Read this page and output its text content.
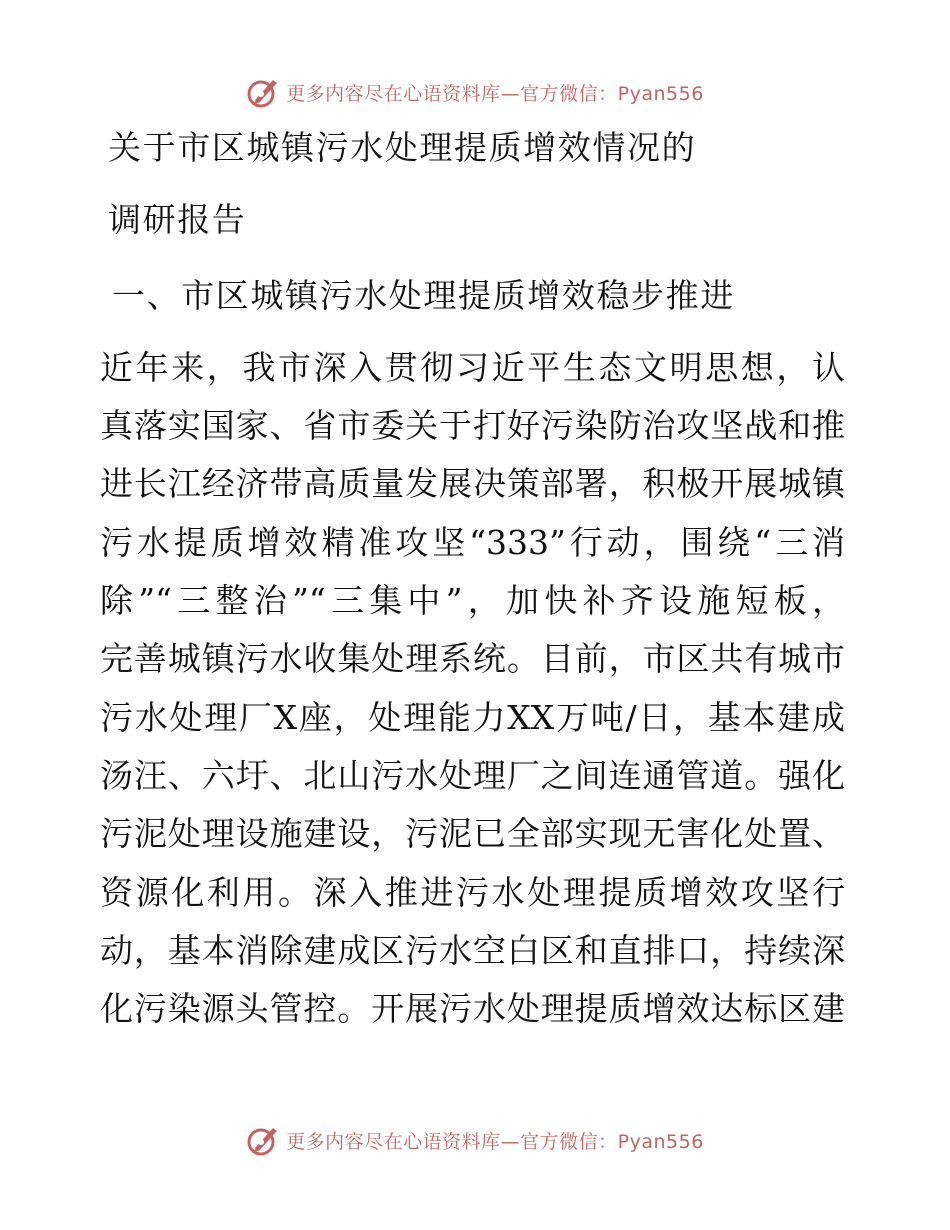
更多内容尽在心语资料库—官方微信：Pyan556
关于市区城镇污水处理提质增效情况的
调研报告
一、市区城镇污水处理提质增效稳步推进
近年来，我市深入贯彻习近平生态文明思想，认
真落实国家、省市委关于打好污染防治攻坚战和推
进长江经济带高质量发展决策部署，积极开展城镇
污水提质增效精准攻坚“333”行动，围绕“三消
除”“三整治”“三集中”，加快补齐设施短板，
完善城镇污水收集处理系统。目前，市区共有城市
污水处理厂X座，处理能力XX万吨/日，基本建成
汤汪、六圩、北山污水处理厂之间连通管道。强化
污泥处理设施建设，污泥已全部实现无害化处置、
资源化利用。深入推进污水处理提质增效攻坚行
动，基本消除建成区污水空白区和直排口，持续深
化污染源头管控。开展污水处理提质增效达标区建
更多内容尽在心语资料库—官方微信：Pyan556
